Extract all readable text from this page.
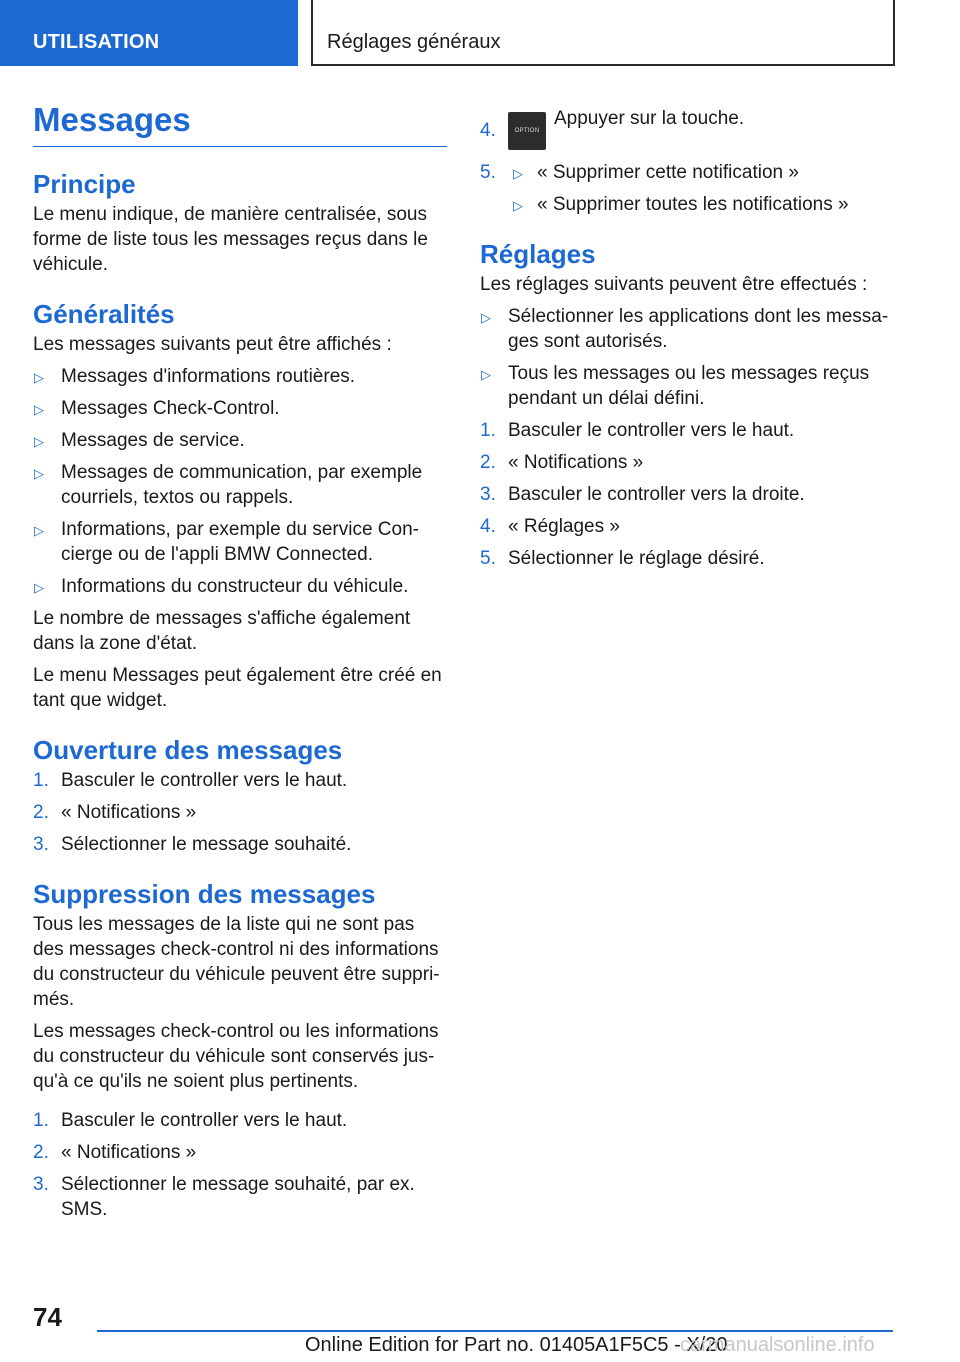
UTILISATION	Réglages généraux
Messages
Principe

Le menu indique, de manière centralisée, sous forme de liste tous les messages reçus dans le véhicule.

Généralités

Les messages suivants peut être affichés :

▷ Messages d'informations routières.
▷ Messages Check-Control.
▷ Messages de service.
▷ Messages de communication, par exemple courriels, textos ou rappels.
▷ Informations, par exemple du service Con‐cierge ou de l'appli BMW Connected.
▷ Informations du constructeur du véhicule.

Le nombre de messages s'affiche également dans la zone d'état.

Le menu Messages peut également être créé en tant que widget.

Ouverture des messages
1. Basculer le controller vers le haut.
2. « Notifications »
3. Sélectionner le message souhaité.
Suppression des messages

Tous les messages de la liste qui ne sont pas des messages check-control ni des informations du constructeur du véhicule peuvent être suppri‐més.

Les messages check-control ou les informations du constructeur du véhicule sont conservés jus‐qu'à ce qu'ils ne soient plus pertinents.

1. Basculer le controller vers le haut.
2. « Notifications »
3. Sélectionner le message souhaité, par ex. SMS.
4.	OPTIONAppuyer sur la touche.
5. ▷ « Supprimer cette notification »
▷ « Supprimer toutes les notifications »
Réglages

Les réglages suivants peuvent être effectués :

▷ Sélectionner les applications dont les messa‐ges sont autorisés.
▷ Tous les messages ou les messages reçus pendant un délai défini.
1. Basculer le controller vers le haut.
2. « Notifications »
3. Basculer le controller vers la droite.
4. « Réglages »
5. Sélectionner le réglage désiré.
74
Online Edition for Part no. 01405A1F5C5 - X/20
carmanualsonline.info
